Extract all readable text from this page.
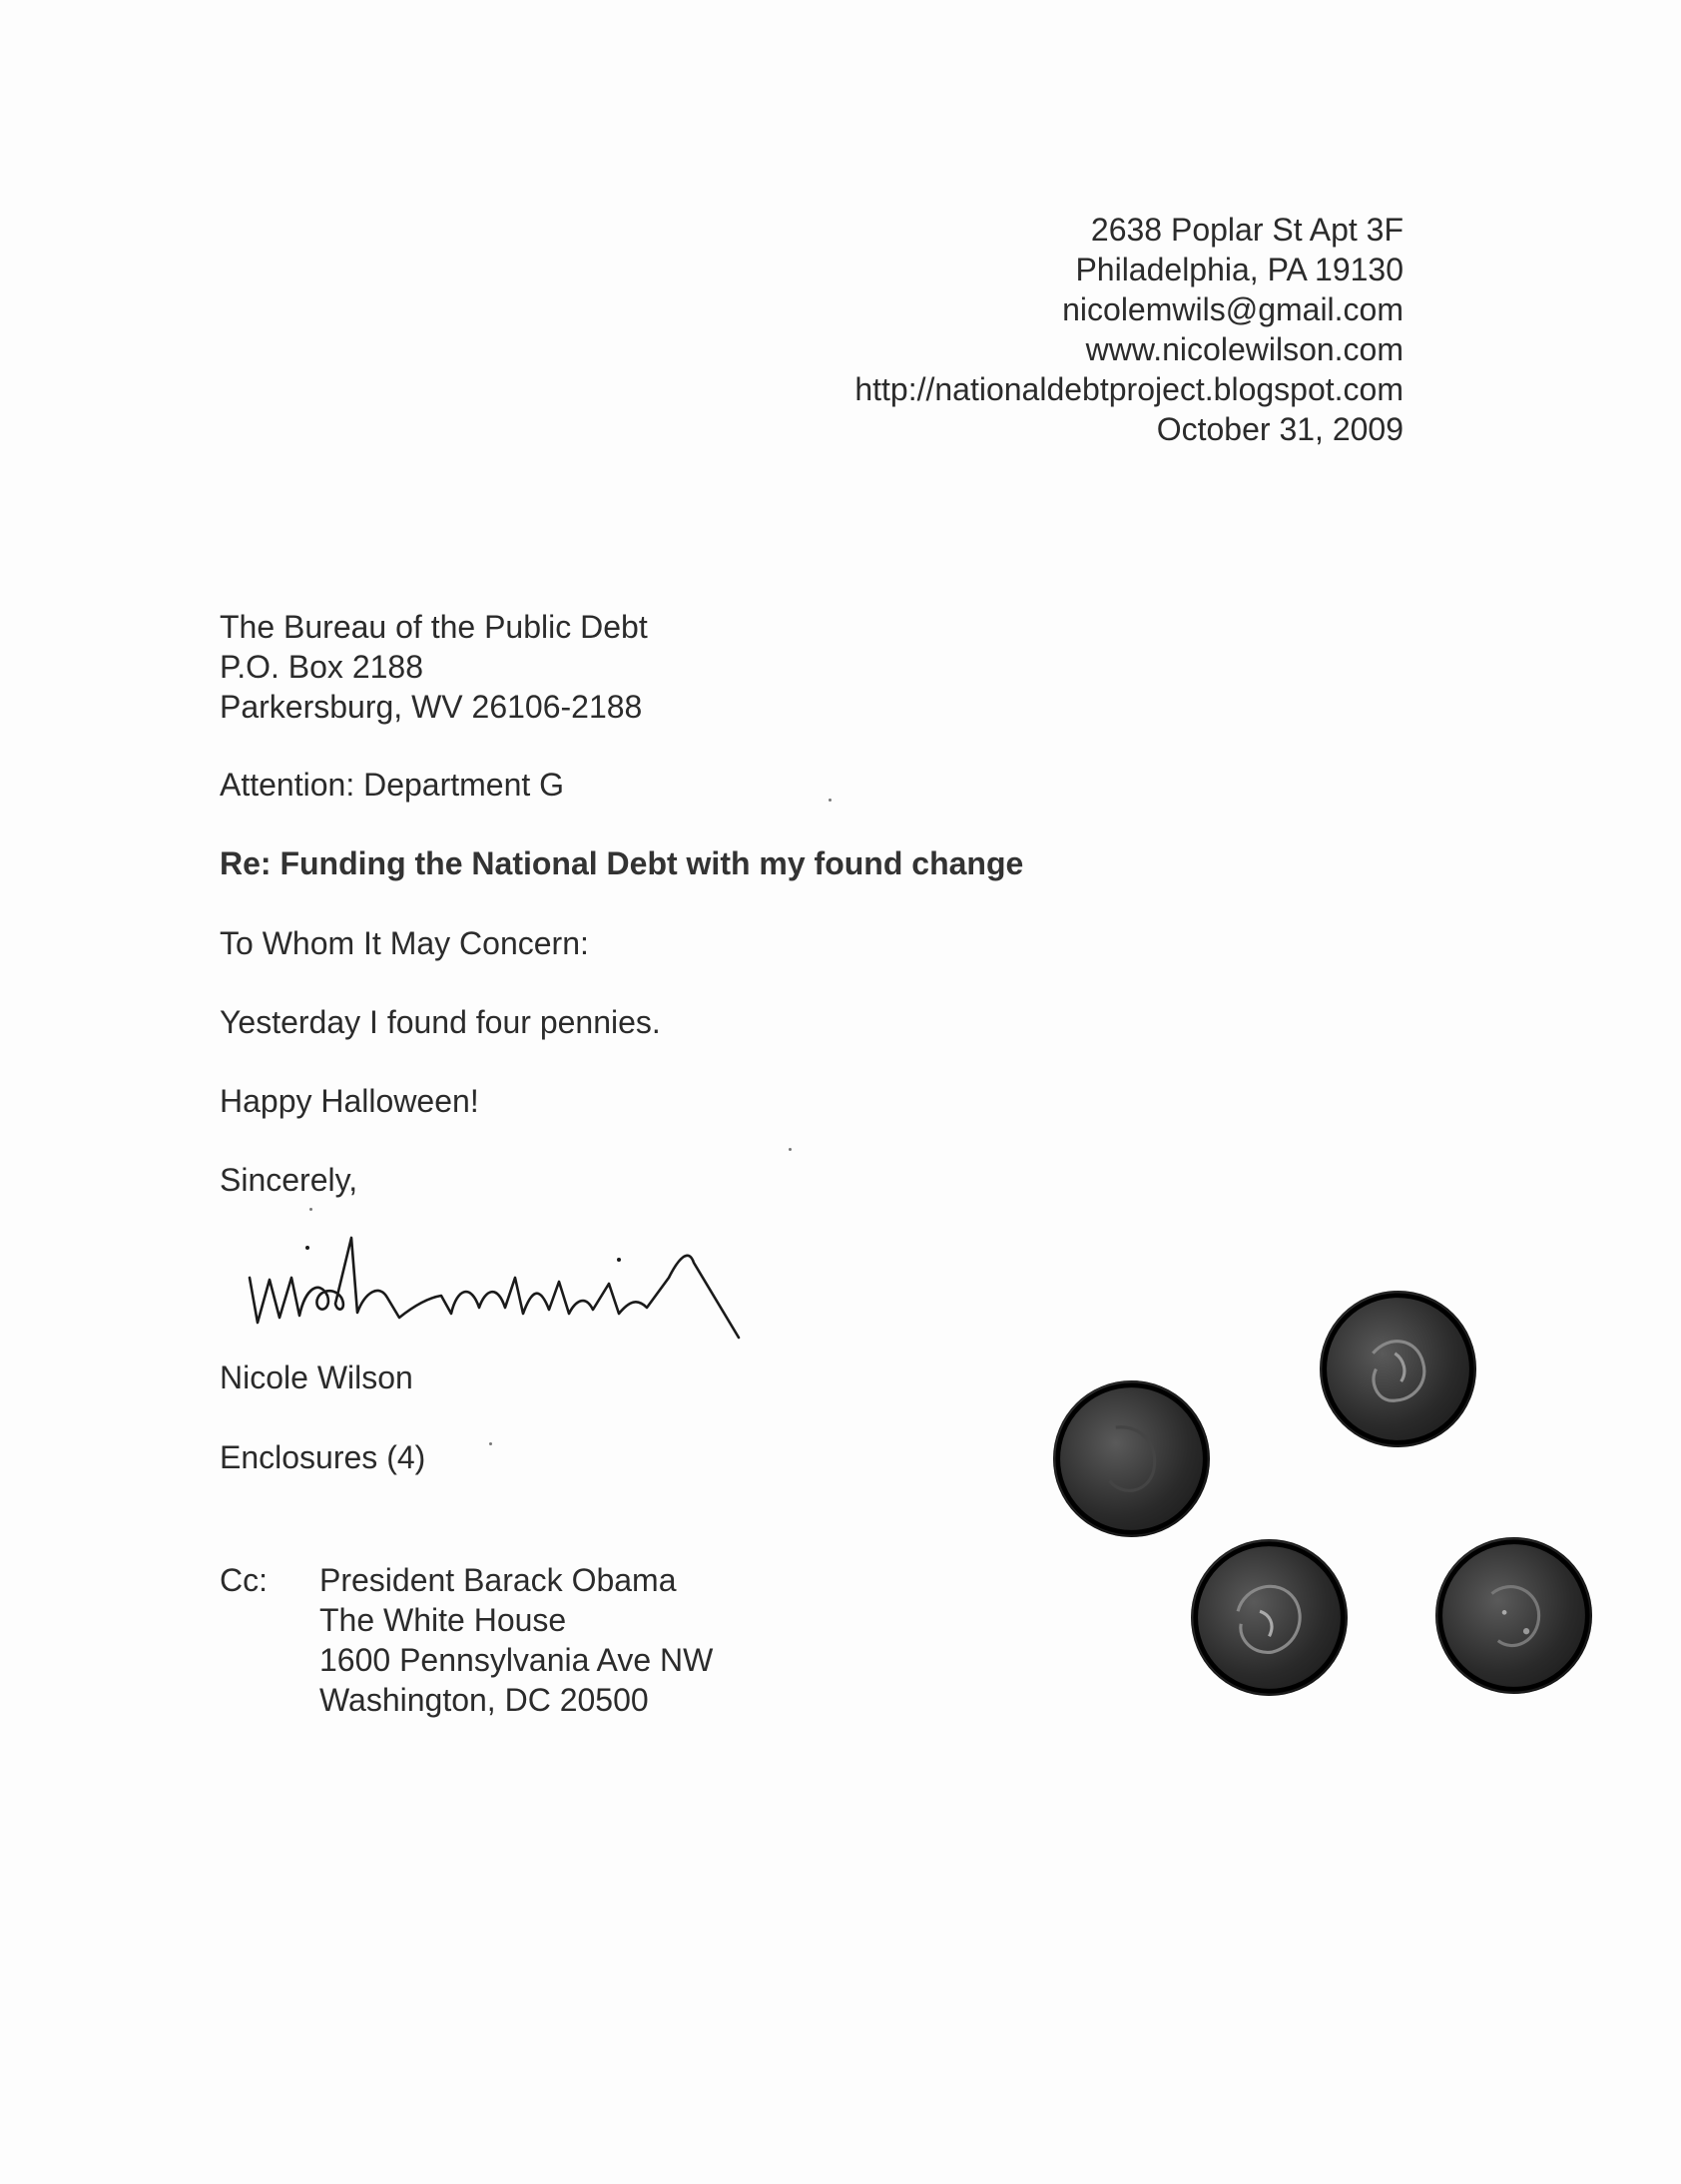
2638 Poplar St Apt 3F
Philadelphia, PA 19130
nicolemwils@gmail.com
www.nicolewilson.com
http://nationaldebtproject.blogspot.com
October 31, 2009
The Bureau of the Public Debt
P.O. Box 2188
Parkersburg, WV 26106-2188
Attention: Department G
Re: Funding the National Debt with my found change
To Whom It May Concern:
Yesterday I found four pennies.
Happy Halloween!
Sincerely,
Nicole Wilson
Enclosures (4)
Cc: President Barack Obama
The White House
1600 Pennsylvania Ave NW
Washington, DC 20500
